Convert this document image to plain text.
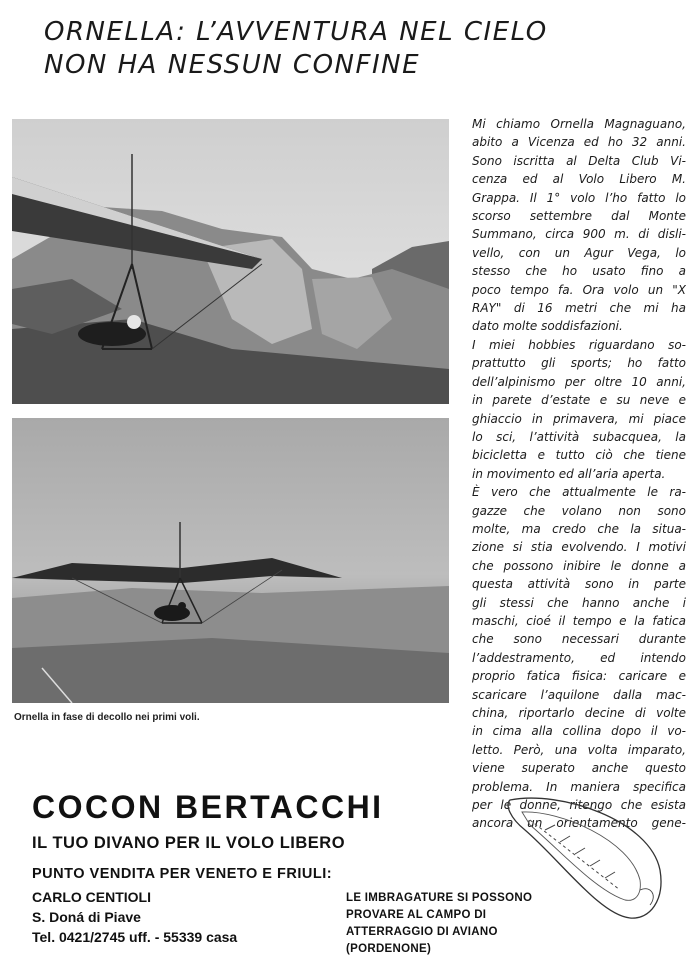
ORNELLA: L’AVVENTURA NEL CIELO
NON HA NESSUN CONFINE
Ornella in fase di decollo nei primi voli.
Mi chiamo Ornella Magnaguano,
abito a Vicenza ed ho 32 anni.
Sono iscritta al Delta Club Vi-
cenza ed al Volo Libero M.
Grappa. Il 1° volo l’ho fatto lo
scorso settembre dal Monte
Summano, circa 900 m. di disli-
vello, con un Agur Vega, lo
stesso che ho usato fino a
poco tempo fa. Ora volo un "X
RAY" di 16 metri che mi ha
dato molte soddisfazioni.
I miei hobbies riguardano so-
prattutto gli sports; ho fatto
dell’alpinismo per oltre 10 anni,
in parete d’estate e su neve e
ghiaccio in primavera, mi piace
lo sci, l’attività subacquea, la
bicicletta e tutto ciò che tiene
in movimento ed all’aria aperta.
È vero che attualmente le ra-
gazze che volano non sono
molte, ma credo che la situa-
zione si stia evolvendo. I motivi
che possono inibire le donne a
questa attività sono in parte
gli stessi che hanno anche i
maschi, cioé il tempo e la fatica
che sono necessari durante
l’addestramento, ed intendo
proprio fatica fisica: caricare e
scaricare l’aquilone dalla mac-
china, riportarlo decine di volte
in cima alla collina dopo il vo-
letto. Però, una volta imparato,
viene superato anche questo
problema. In maniera specifica
per le donne, ritengo che esista
ancora un orientamento gene-
COCON BERTACCHI
IL TUO DIVANO PER IL VOLO LIBERO
PUNTO VENDITA PER VENETO E FRIULI:
CARLO CENTIOLI
S. Doná di Piave
Tel. 0421/2745 uff. - 55339 casa
LE IMBRAGATURE SI POSSONO
PROVARE AL CAMPO DI
ATTERRAGGIO DI AVIANO
(PORDENONE)
